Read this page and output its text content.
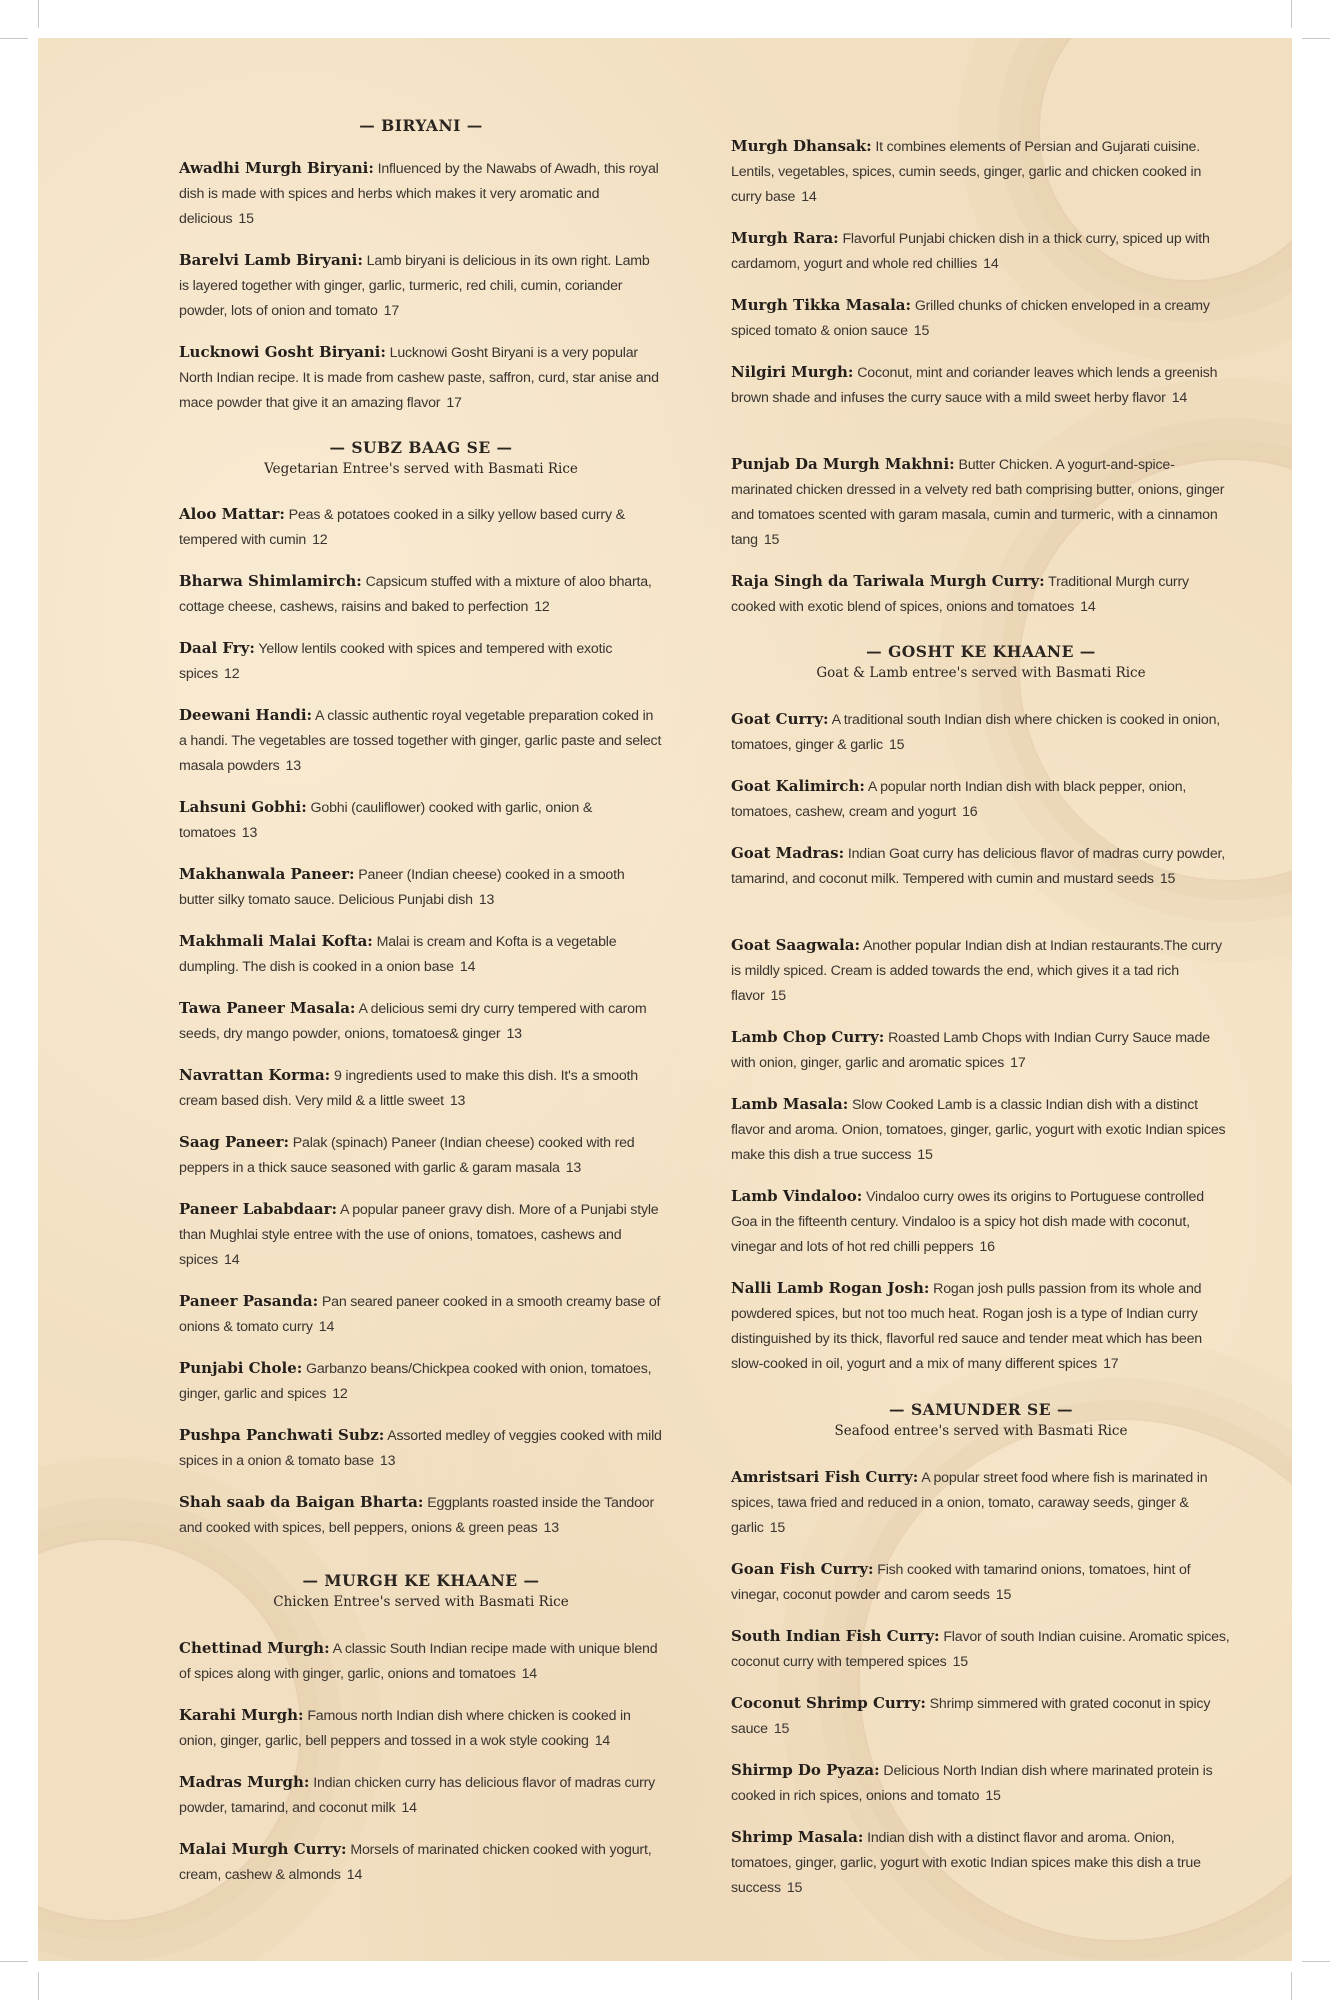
— BIRYANI —
Awadhi Murgh Biryani: Influenced by the Nawabs of Awadh, this royal dish is made with spices and herbs which makes it very aromatic and delicious 15
Barelvi Lamb Biryani: Lamb biryani is delicious in its own right. Lamb is layered together with ginger, garlic, turmeric, red chili, cumin, coriander powder, lots of onion and tomato 17
Lucknowi Gosht Biryani: Lucknowi Gosht Biryani is a very popular North Indian recipe. It is made from cashew paste, saffron, curd, star anise and mace powder that give it an amazing flavor 17
— SUBZ BAAG SE —
Vegetarian Entree's served with Basmati Rice
Aloo Mattar: Peas & potatoes cooked in a silky yellow based curry & tempered with cumin 12
Bharwa Shimlamirch: Capsicum stuffed with a mixture of aloo bharta, cottage cheese, cashews, raisins and baked to perfection 12
Daal Fry: Yellow lentils cooked with spices and tempered with exotic spices 12
Deewani Handi: A classic authentic royal vegetable preparation coked in a handi. The vegetables are tossed together with ginger, garlic paste and select masala powders 13
Lahsuni Gobhi: Gobhi (cauliflower) cooked with garlic, onion & tomatoes 13
Makhanwala Paneer: Paneer (Indian cheese) cooked in a smooth butter silky tomato sauce. Delicious Punjabi dish 13
Makhmali Malai Kofta: Malai is cream and Kofta is a vegetable dumpling. The dish is cooked in a onion base 14
Tawa Paneer Masala: A delicious semi dry curry tempered with carom seeds, dry mango powder, onions, tomatoes& ginger 13
Navrattan Korma: 9 ingredients used to make this dish. It's a smooth cream based dish. Very mild & a little sweet 13
Saag Paneer: Palak (spinach) Paneer (Indian cheese) cooked with red peppers in a thick sauce seasoned with garlic & garam masala 13
Paneer Lababdaar: A popular paneer gravy dish. More of a Punjabi style than Mughlai style entree with the use of onions, tomatoes, cashews and spices 14
Paneer Pasanda: Pan seared paneer cooked in a smooth creamy base of onions & tomato curry 14
Punjabi Chole: Garbanzo beans/Chickpea cooked with onion, tomatoes, ginger, garlic and spices 12
Pushpa Panchwati Subz: Assorted medley of veggies cooked with mild spices in a onion & tomato base 13
Shah saab da Baigan Bharta: Eggplants roasted inside the Tandoor and cooked with spices, bell peppers, onions & green peas 13
— MURGH KE KHAANE —
Chicken Entree's served with Basmati Rice
Chettinad Murgh: A classic South Indian recipe made with unique blend of spices along with ginger, garlic, onions and tomatoes 14
Karahi Murgh: Famous north Indian dish where chicken is cooked in onion, ginger, garlic, bell peppers and tossed in a wok style cooking 14
Madras Murgh: Indian chicken curry has delicious flavor of madras curry powder, tamarind, and coconut milk 14
Malai Murgh Curry: Morsels of marinated chicken cooked with yogurt, cream, cashew & almonds 14
Murgh Dhansak: It combines elements of Persian and Gujarati cuisine. Lentils, vegetables, spices, cumin seeds, ginger, garlic and chicken cooked in curry base 14
Murgh Rara: Flavorful Punjabi chicken dish in a thick curry, spiced up with cardamom, yogurt and whole red chillies 14
Murgh Tikka Masala: Grilled chunks of chicken enveloped in a creamy spiced tomato & onion sauce 15
Nilgiri Murgh: Coconut, mint and coriander leaves which lends a greenish brown shade and infuses the curry sauce with a mild sweet herby flavor 14
Punjab Da Murgh Makhni: Butter Chicken. A yogurt-and-spice-marinated chicken dressed in a velvety red bath comprising butter, onions, ginger and tomatoes scented with garam masala, cumin and turmeric, with a cinnamon tang 15
Raja Singh da Tariwala Murgh Curry: Traditional Murgh curry cooked with exotic blend of spices, onions and tomatoes 14
— GOSHT KE KHAANE —
Goat & Lamb entree's served with Basmati Rice
Goat Curry: A traditional south Indian dish where chicken is cooked in onion, tomatoes, ginger & garlic 15
Goat Kalimirch: A popular north Indian dish with black pepper, onion, tomatoes, cashew, cream and yogurt 16
Goat Madras: Indian Goat curry has delicious flavor of madras curry powder, tamarind, and coconut milk. Tempered with cumin and mustard seeds 15
Goat Saagwala: Another popular Indian dish at Indian restaurants.The curry is mildly spiced. Cream is added towards the end, which gives it a tad rich flavor 15
Lamb Chop Curry: Roasted Lamb Chops with Indian Curry Sauce made with onion, ginger, garlic and aromatic spices 17
Lamb Masala: Slow Cooked Lamb is a classic Indian dish with a distinct flavor and aroma. Onion, tomatoes, ginger, garlic, yogurt with exotic Indian spices make this dish a true success 15
Lamb Vindaloo: Vindaloo curry owes its origins to Portuguese controlled Goa in the fifteenth century. Vindaloo is a spicy hot dish made with coconut, vinegar and lots of hot red chilli peppers 16
Nalli Lamb Rogan Josh: Rogan josh pulls passion from its whole and powdered spices, but not too much heat. Rogan josh is a type of Indian curry distinguished by its thick, flavorful red sauce and tender meat which has been slow-cooked in oil, yogurt and a mix of many different spices 17
— SAMUNDER SE —
Seafood entree's served with Basmati Rice
Amristsari Fish Curry: A popular street food where fish is marinated in spices, tawa fried and reduced in a onion, tomato, caraway seeds, ginger & garlic 15
Goan Fish Curry: Fish cooked with tamarind onions, tomatoes, hint of vinegar, coconut powder and carom seeds 15
South Indian Fish Curry: Flavor of south Indian cuisine. Aromatic spices, coconut curry with tempered spices 15
Coconut Shrimp Curry: Shrimp simmered with grated coconut in spicy sauce 15
Shirmp Do Pyaza: Delicious North Indian dish where marinated protein is cooked in rich spices, onions and tomato 15
Shrimp Masala: Indian dish with a distinct flavor and aroma. Onion, tomatoes, ginger, garlic, yogurt with exotic Indian spices make this dish a true success 15
